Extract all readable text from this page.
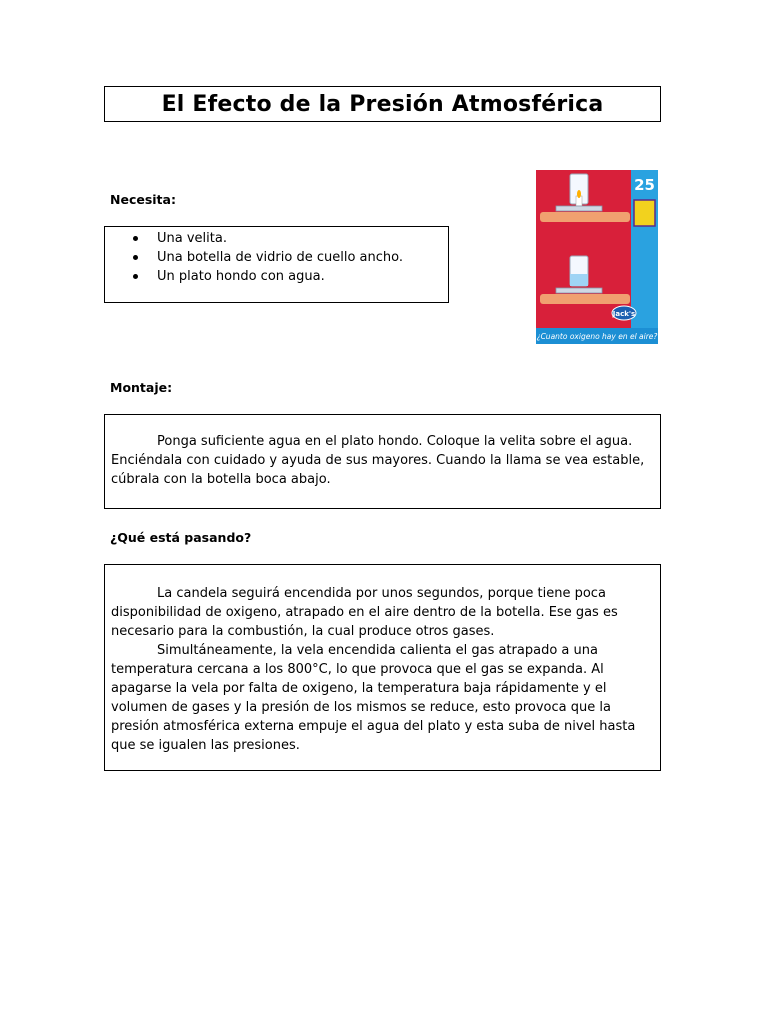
El Efecto de la Presión Atmosférica
Necesita:
Una velita.
Una botella de vidrio de cuello ancho.
Un plato hondo con agua.
25
Jack's
¿Cuanto oxigeno hay en el aire?
Montaje:

Ponga suficiente agua en el plato hondo. Coloque la velita sobre el agua. Enciéndala con cuidado y ayuda de sus mayores. Cuando la llama se vea estable, cúbrala con la botella boca abajo.

¿Qué está pasando?

La candela seguirá encendida por unos segundos, porque tiene poca disponibilidad de oxigeno, atrapado en el aire dentro de la botella. Ese gas es necesario para la combustión, la cual produce otros gases.

Simultáneamente, la vela encendida calienta el gas atrapado a una temperatura cercana a los 800°C, lo que provoca que el gas se expanda. Al apagarse la vela por falta de oxigeno, la temperatura baja rápidamente y el volumen de gases y la presión de los mismos se reduce, esto provoca que la presión atmosférica externa empuje el agua del plato y esta suba de nivel hasta que se igualen las presiones.
